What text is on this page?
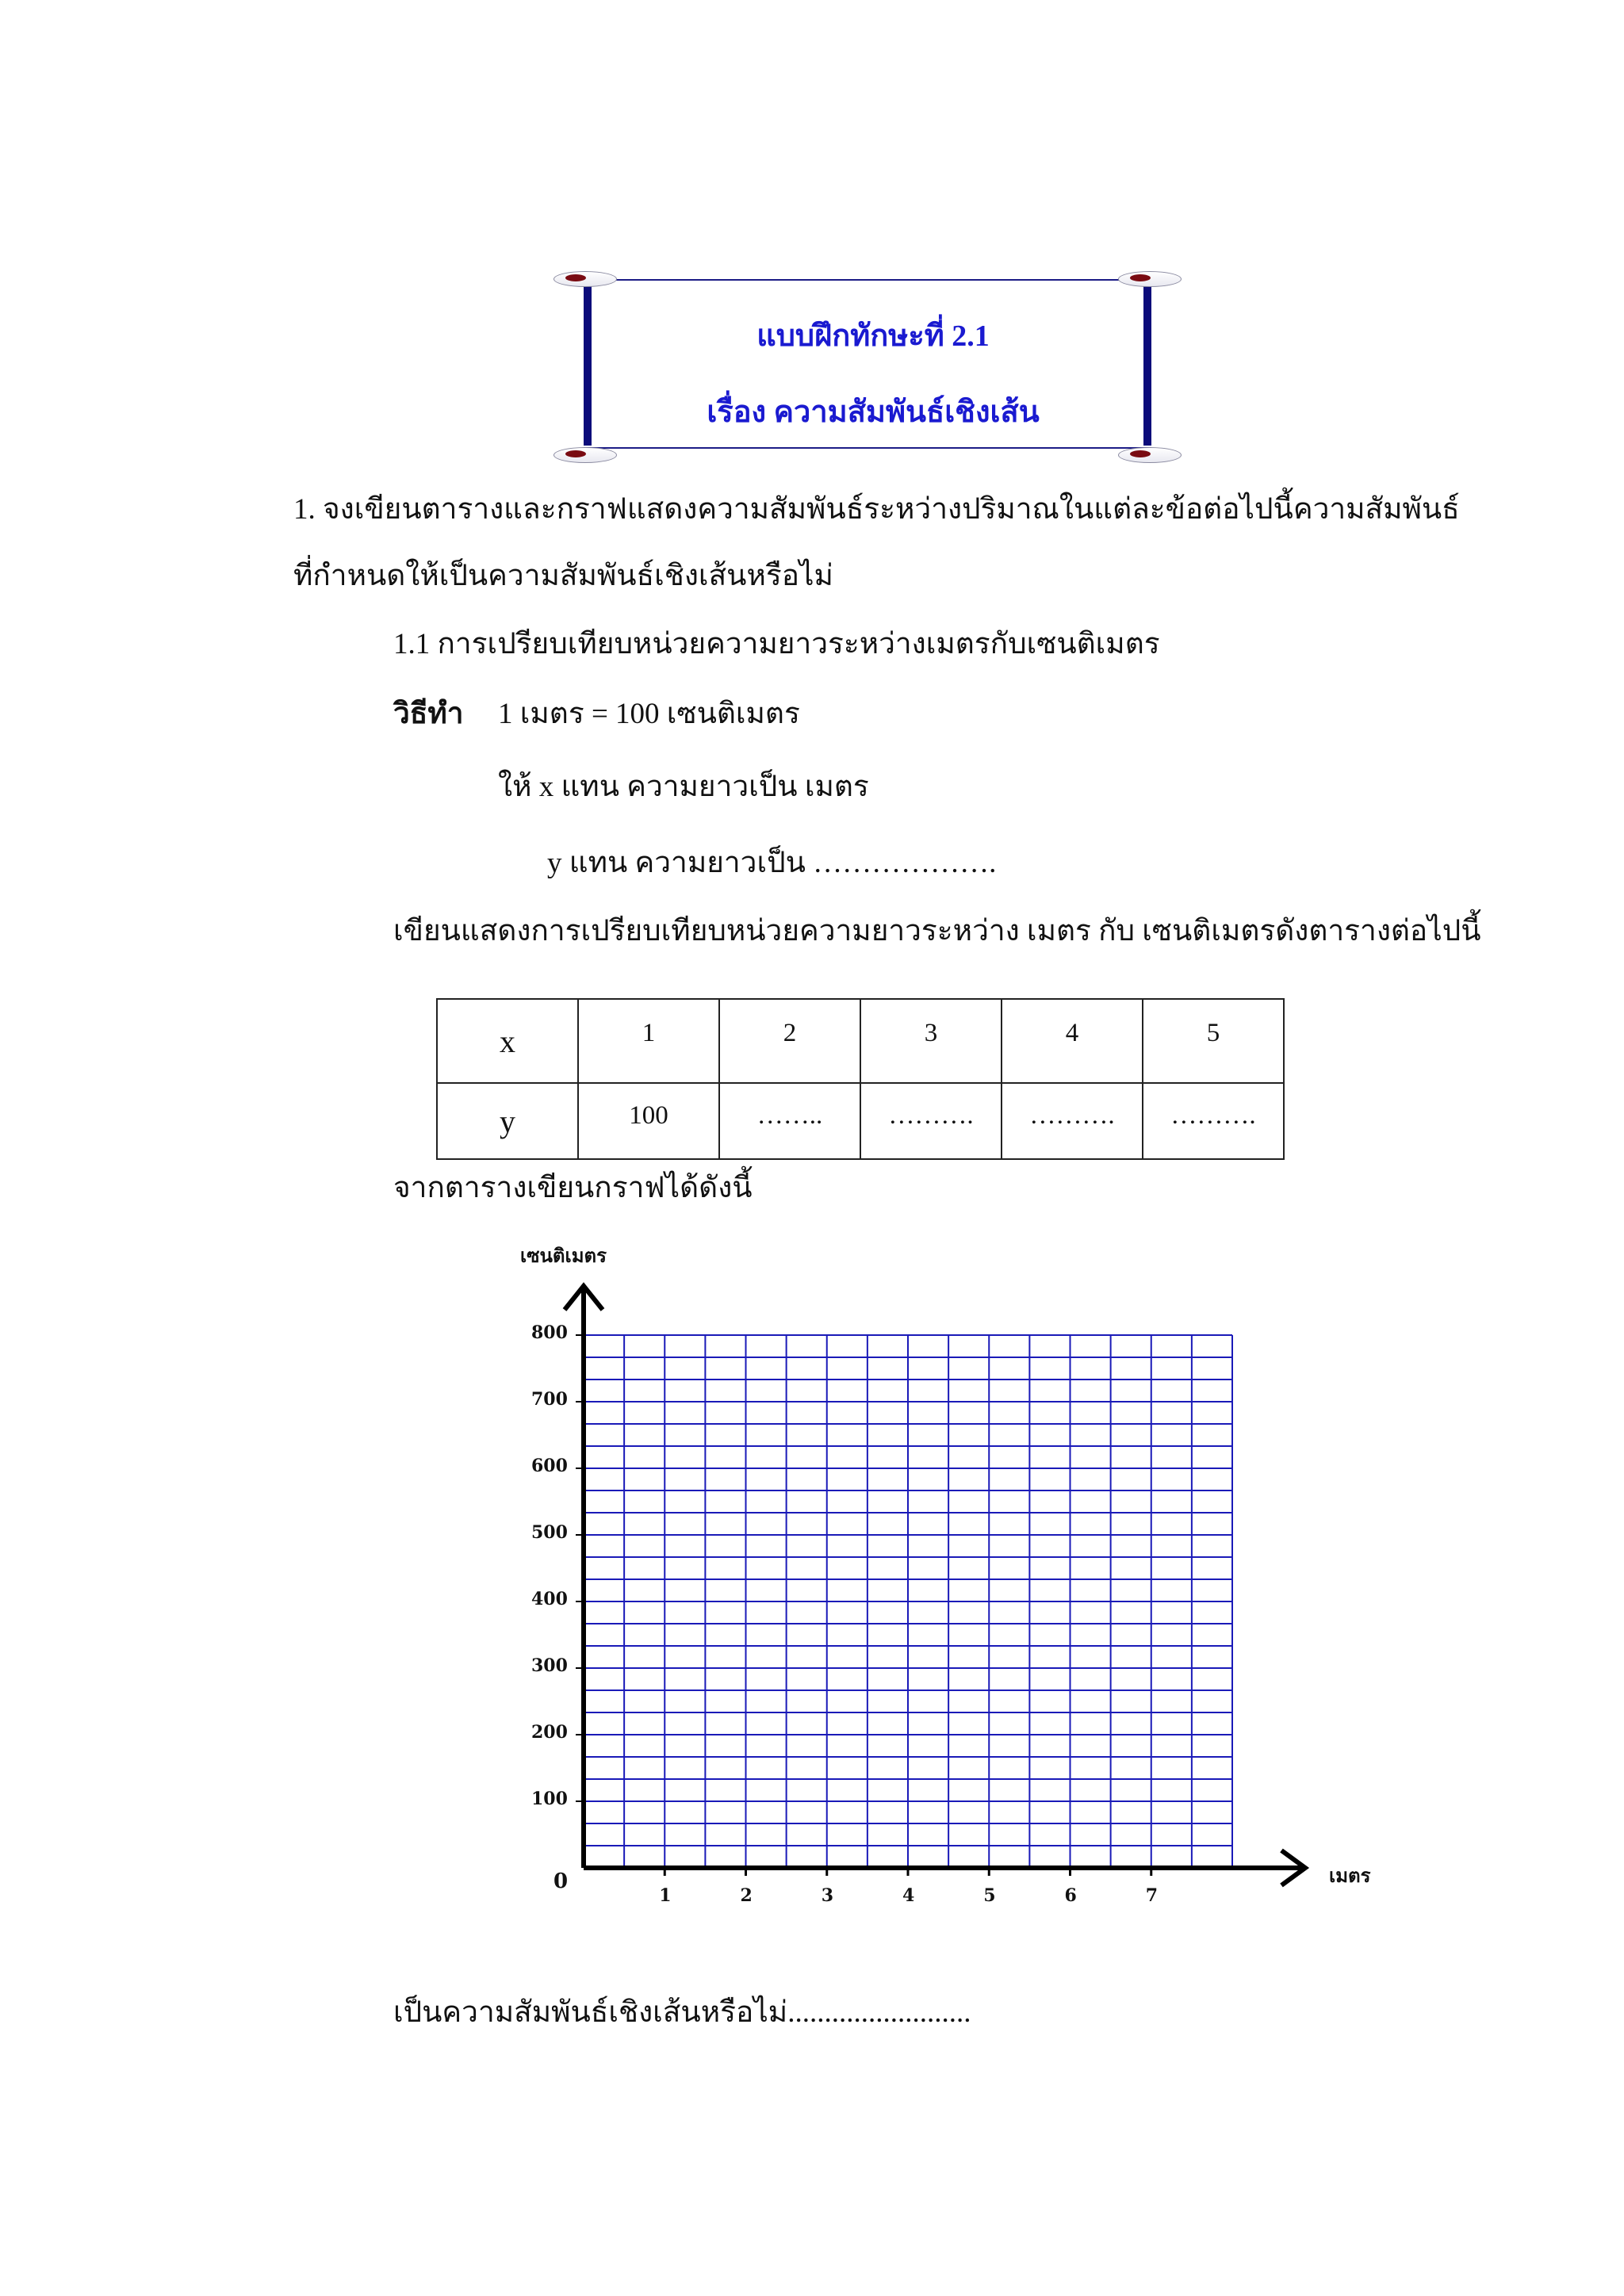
แบบฝึกทักษะที่ 2.1
เรื่อง ความสัมพันธ์เชิงเส้น
1. จงเขียนตารางและกราฟแสดงความสัมพันธ์ระหว่างปริมาณในแต่ละข้อต่อไปนี้ความสัมพันธ์
ที่กำหนดให้เป็นความสัมพันธ์เชิงเส้นหรือไม่
1.1 การเปรียบเทียบหน่วยความยาวระหว่างเมตรกับเซนติเมตร
วิธีทำ 1 เมตร = 100 เซนติเมตร
ให้ x แทน ความยาวเป็น เมตร
y แทน ความยาวเป็น ……………….
เขียนแสดงการเปรียบเทียบหน่วยความยาวระหว่าง เมตร กับ เซนติเมตรดังตารางต่อไปนี้
x	1	2	3	4	5
y	100	……..	……….	……….	……….
จากตารางเขียนกราฟได้ดังนี้
เซนติเมตร
เมตร
0
100
200
300
400
500
600
700
800
1	2	3	4	5	6	7
เป็นความสัมพันธ์เชิงเส้นหรือไม่.........................
